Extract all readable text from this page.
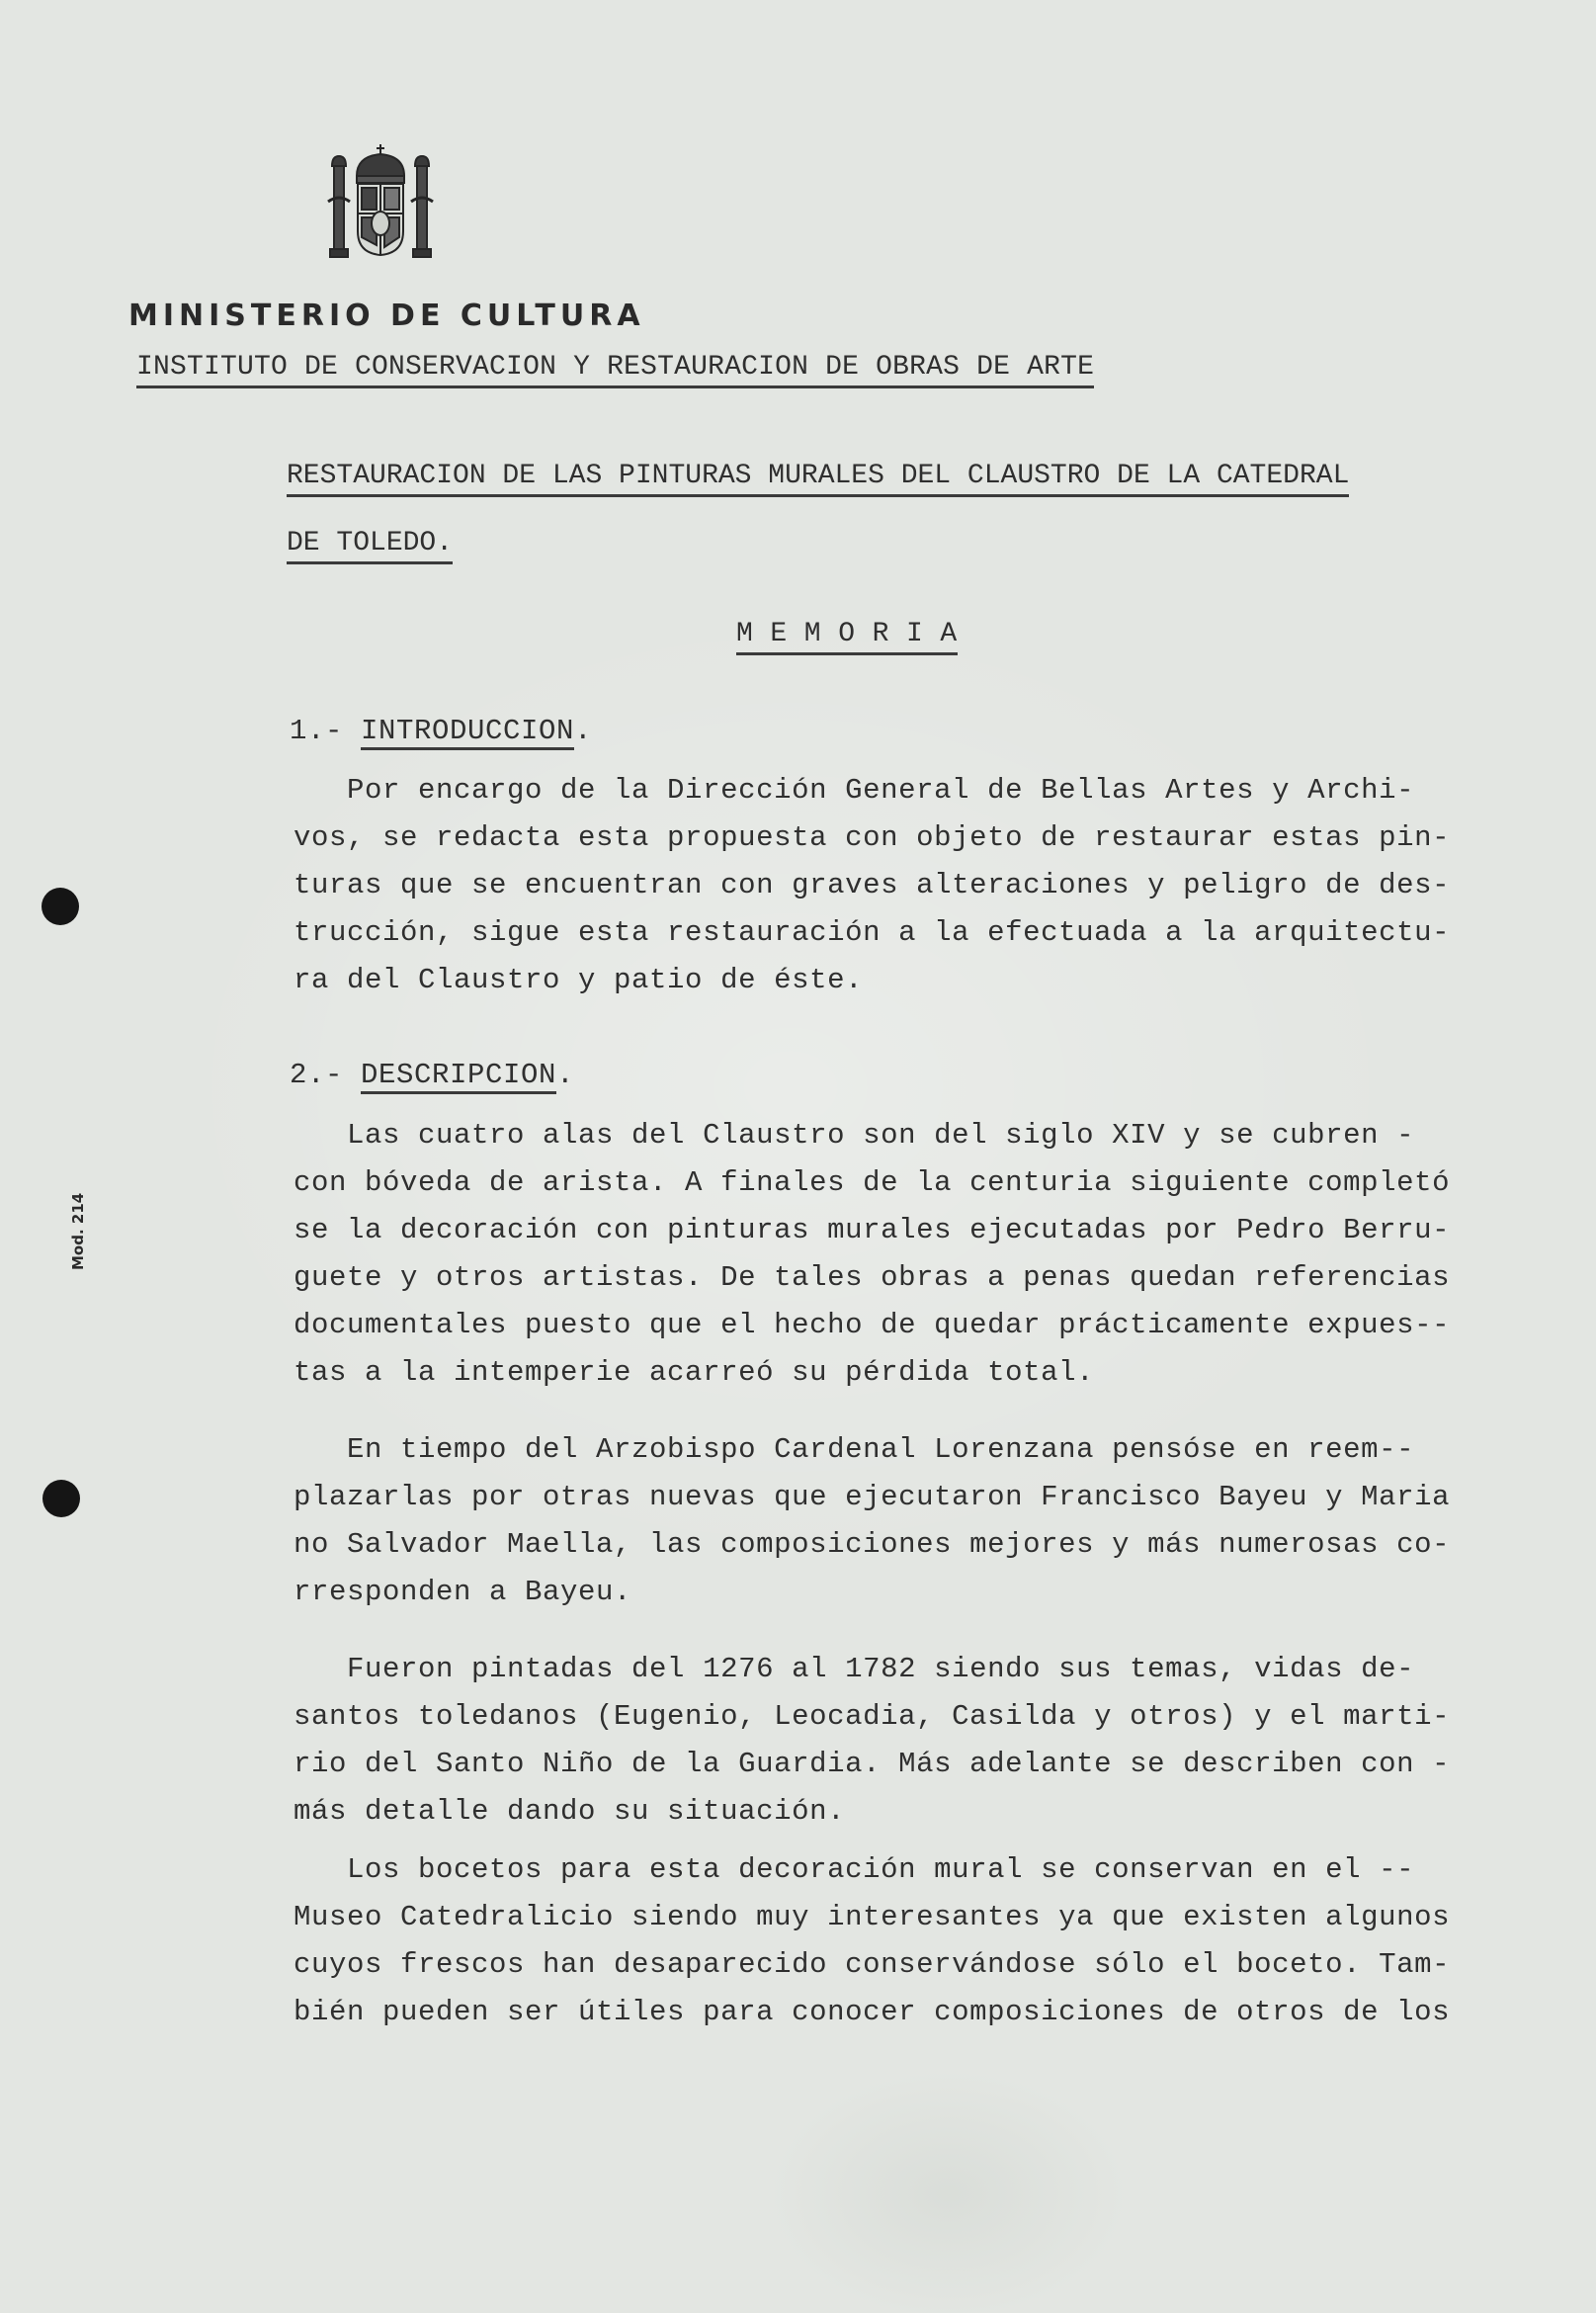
Mod. 214
MINISTERIO DE CULTURA
INSTITUTO DE CONSERVACION Y RESTAURACION DE OBRAS DE ARTE
RESTAURACION DE LAS PINTURAS MURALES DEL CLAUSTRO DE LA CATEDRAL
DE TOLEDO.
M E M O R I A
1.- INTRODUCCION.
Por encargo de la Dirección General de Bellas Artes y Archi-
vos, se redacta esta propuesta con objeto de restaurar estas pin-
turas que se encuentran con graves alteraciones y peligro de des-
trucción, sigue esta restauración a la efectuada a la arquitectu-
ra del Claustro y patio de éste.
2.- DESCRIPCION.
Las cuatro alas del Claustro son del siglo XIV y se cubren -
con bóveda de arista. A finales de la centuria siguiente completó
se la decoración con pinturas murales ejecutadas por Pedro Berru-
guete y otros artistas. De tales obras a penas quedan referencias
documentales puesto que el hecho de quedar prácticamente expues--
tas a la intemperie acarreó su pérdida total.
En tiempo del Arzobispo Cardenal Lorenzana pensóse en reem--
plazarlas por otras nuevas que ejecutaron Francisco Bayeu y Maria
no Salvador Maella, las composiciones mejores y más numerosas co-
rresponden a Bayeu.
Fueron pintadas del 1276 al 1782 siendo sus temas, vidas de-
santos toledanos (Eugenio, Leocadia, Casilda y otros) y el marti-
rio del Santo Niño de la Guardia. Más adelante se describen con -
más detalle dando su situación.
Los bocetos para esta decoración mural se conservan en el --
Museo Catedralicio siendo muy interesantes ya que existen algunos
cuyos frescos han desaparecido conservándose sólo el boceto. Tam-
bién pueden ser útiles para conocer composiciones de otros de los
